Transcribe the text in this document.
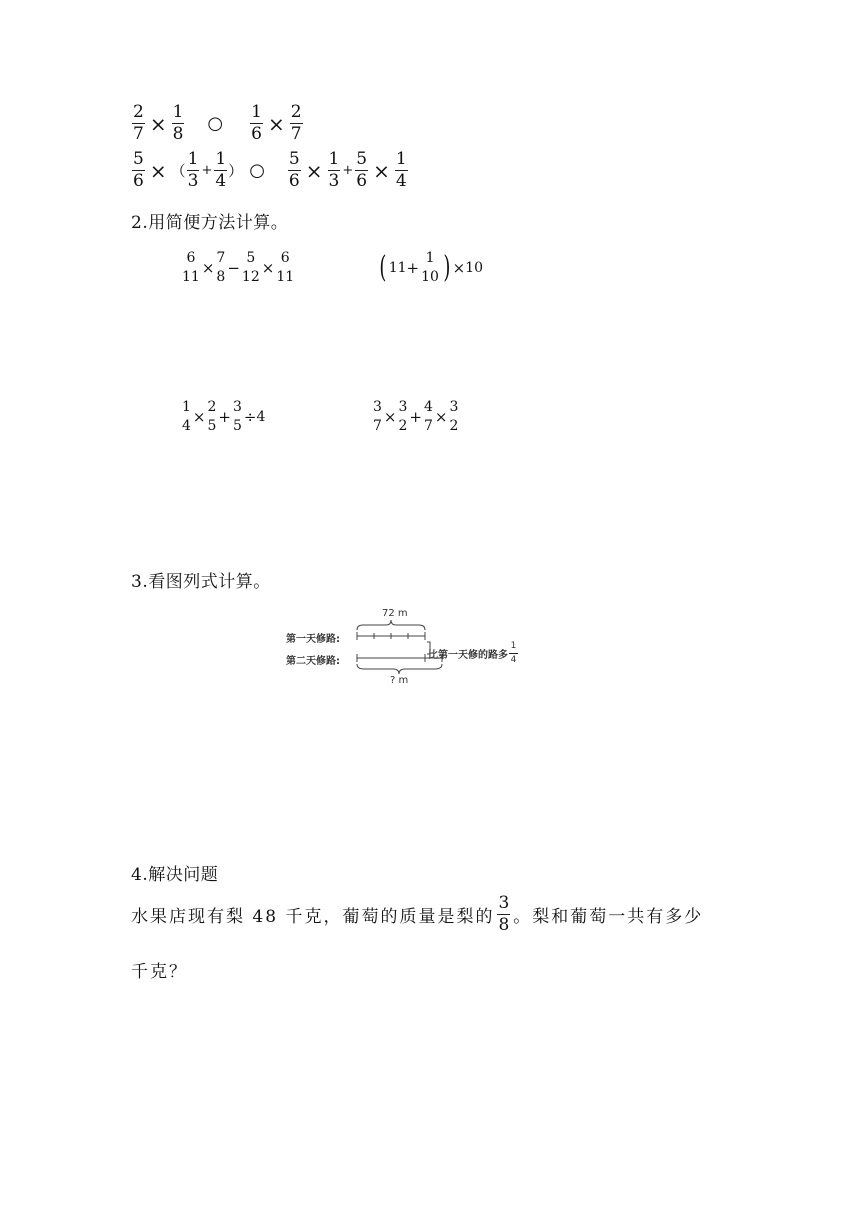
$\frac{2}{7} \times \frac{1}{8}$ ○ $\frac{1}{6} \times \frac{2}{7}$
$\frac{5}{6}$ × （ $\frac{1}{3} + \frac{1}{4}$ ） ○ $\frac{5}{6} \times \frac{1}{3} + \frac{5}{6} \times \frac{1}{4}$
2.用简便方法计算。
6
11
×
7
8
−
5
12
×
6
11	( 11 +
1
10 ) × 10
1
4
×
2
5
+
3
5
÷ 4
3
7
×
3
2
+
4
7
×
3
2
3.看图列式计算。
第一天修路:
第二天修路:
72 m
? m
比第一天修的路多 $\frac{1}{4}$
4.解决问题
水果店现有梨 48 千克，葡萄的质量是梨的 $\frac{3}{8}$ 。梨和葡萄一共有多少
千克？
